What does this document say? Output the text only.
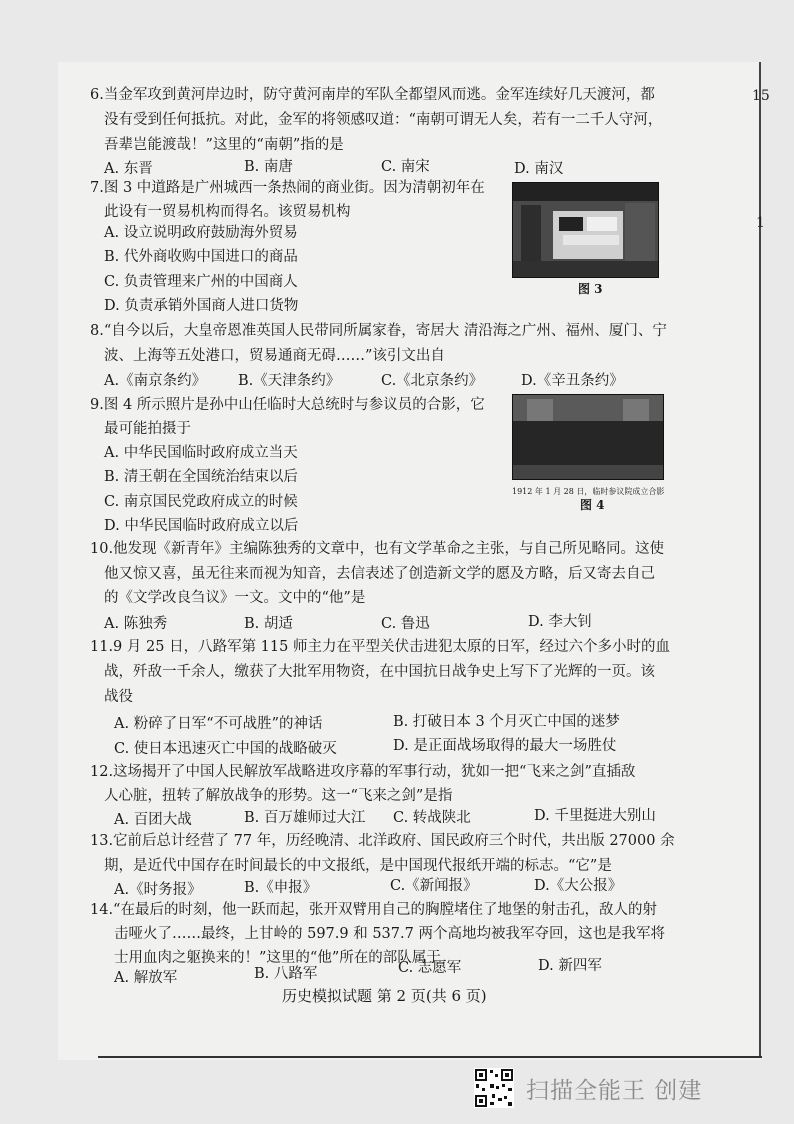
15
1
6.当金军攻到黄河岸边时，防守黄河南岸的军队全都望风而逃。金军连续好几天渡河，都
没有受到任何抵抗。对此，金军的将领感叹道：“南朝可谓无人矣，若有一二千人守河，
吾辈岂能渡哉！”这里的“南朝”指的是
A. 东晋	B. 南唐	C. 南宋	D. 南汉
7.图 3 中道路是广州城西一条热闹的商业街。因为清朝初年在
此设有一贸易机构而得名。该贸易机构
A. 设立说明政府鼓励海外贸易
B. 代外商收购中国进口的商品
C. 负责管理来广州的中国商人
D. 负责承销外国商人进口货物
图 3
8.“自今以后，大皇帝恩准英国人民带同所属家眷，寄居大 清沿海之广州、福州、厦门、宁
波、上海等五处港口，贸易通商无碍……”该引文出自
A.《南京条约》 B.《天津条约》	C.《北京条约》	D.《辛丑条约》
9.图 4 所示照片是孙中山任临时大总统时与参议员的合影，它
最可能拍摄于
A. 中华民国临时政府成立当天
B. 清王朝在全国统治结束以后
C. 南京国民党政府成立的时候
D. 中华民国临时政府成立以后
1912 年 1 月 28 日，临时参议院成立合影
图 4
10.他发现《新青年》主编陈独秀的文章中，也有文学革命之主张，与自己所见略同。这使
他又惊又喜，虽无往来而视为知音，去信表述了创造新文学的愿及方略，后又寄去自己
的《文学改良刍议》一文。文中的“他”是
A. 陈独秀	B. 胡适	C. 鲁迅	D. 李大钊
11.9 月 25 日，八路军第 115 师主力在平型关伏击进犯太原的日军，经过六个多小时的血
战，歼敌一千余人，缴获了大批军用物资，在中国抗日战争史上写下了光辉的一页。该
战役
A. 粉碎了日军“不可战胜”的神话	B. 打破日本 3 个月灭亡中国的迷梦
C. 使日本迅速灭亡中国的战略破灭	D. 是正面战场取得的最大一场胜仗
12.这场揭开了中国人民解放军战略进攻序幕的军事行动，犹如一把“飞来之剑”直插敌
人心脏，扭转了解放战争的形势。这一“飞来之剑”是指
A. 百团大战	B. 百万雄师过大江 C. 转战陕北	D. 千里挺进大别山
13.它前后总计经营了 77 年，历经晚清、北洋政府、国民政府三个时代，共出版 27000 余
期，是近代中国存在时间最长的中文报纸，是中国现代报纸开端的标志。“它”是
A.《时务报》	B.《申报》	C.《新闻报》	D.《大公报》
14.“在最后的时刻，他一跃而起，张开双臂用自己的胸膛堵住了地堡的射击孔，敌人的射
击哑火了……最终，上甘岭的 597.9 和 537.7 两个高地均被我军夺回，这也是我军将
士用血肉之躯换来的！”这里的“他”所在的部队属于
A. 解放军	B. 八路军	C. 志愿军	D. 新四军
历史模拟试题 第 2 页(共 6 页)
扫描全能王 创建
